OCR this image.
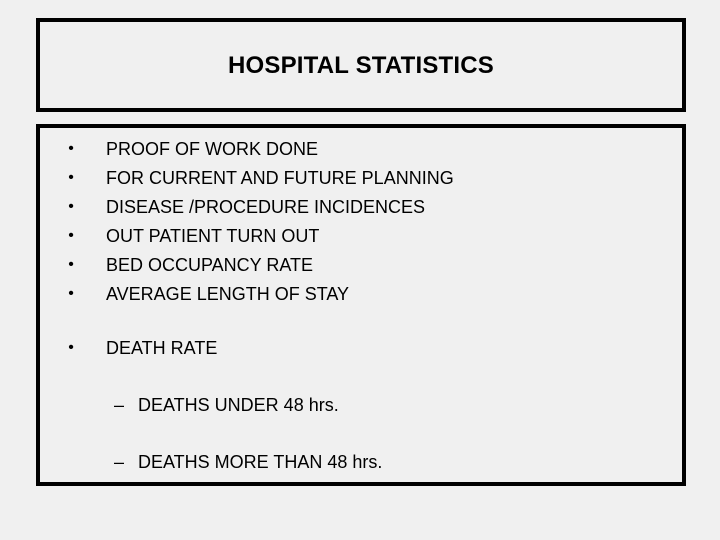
HOSPITAL STATISTICS
•	PROOF OF WORK DONE
•	FOR CURRENT AND FUTURE PLANNING
•	DISEASE /PROCEDURE INCIDENCES
•	OUT PATIENT TURN OUT
•	BED OCCUPANCY RATE
•	AVERAGE LENGTH OF STAY
•	DEATH RATE
– DEATHS UNDER 48 hrs.
– DEATHS MORE THAN 48 hrs.
